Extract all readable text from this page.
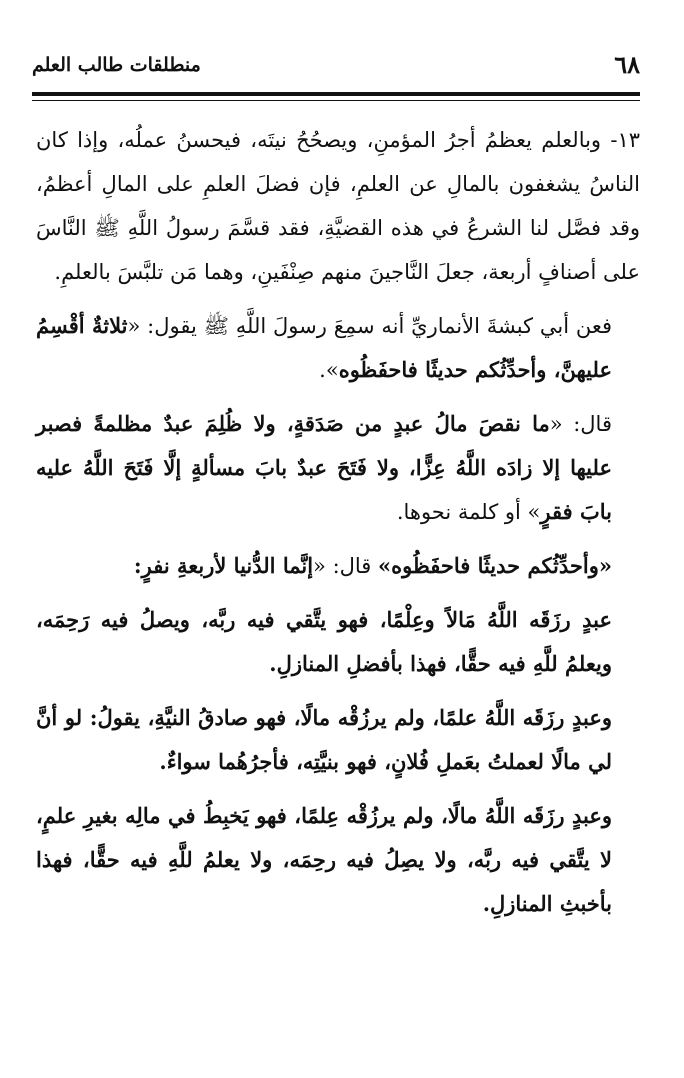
منطلقات طالب العلم	٦٨

١٣- وبالعلم يعظمُ أجرُ المؤمنِ، ويصحُحُ نيتَه، فيحسنُ عملُه، وإذا كان الناسُ يشغفون بالمالِ عن العلمِ، فإن فضلَ العلمِ على المالِ أعظمُ، وقد فصَّل لنا الشرعُ في هذه القضيَّةِ، فقد قسَّمَ رسولُ اللَّهِ ﷺ النَّاسَ على أصنافٍ أربعة، جعلَ النَّاجينَ منهم صِنْفَينِ، وهما مَن تلبَّسَ بالعلمِ.

فعن أبي كبشةَ الأنماريِّ أنه سمِعَ رسولَ اللَّهِ ﷺ يقول: «ثلاثةٌ أقْسِمُ عليهنَّ، وأحدِّثُكم حديثًا فاحفَظُوه».

قال: «ما نقصَ مالُ عبدٍ من صَدَقةٍ، ولا ظُلِمَ عبدٌ مظلمةً فصبر عليها إلا زادَه اللَّهُ عِزًّا، ولا فَتَحَ عبدٌ بابَ مسألةٍ إلَّا فَتَحَ اللَّهُ عليه بابَ فقرٍ» أو كلمة نحوها.

«وأحدِّثُكم حديثًا فاحفَظُوه» قال: «إنَّما الدُّنيا لأربعةِ نفرٍ:

عبدٍ رزَقَه اللَّهُ مَالاً وعِلْمًا، فهو يتَّقي فيه ربَّه، ويصلُ فيه رَحِمَه، ويعلمُ للَّهِ فيه حقًّا، فهذا بأفضلِ المنازلِ.

وعبدٍ رزَقَه اللَّهُ علمًا، ولم يرزُقْه مالًا، فهو صادقُ النيَّةِ، يقولُ: لو أنَّ لي مالًا لعملتُ بعَملِ فُلانٍ، فهو بنيَّتِه، فأجرُهُما سواءٌ.

وعبدٍ رزَقَه اللَّهُ مالًا، ولم يرزُقْه عِلمًا، فهو يَخبِطُ في مالِه بغيرِ علمٍ، لا يتَّقي فيه ربَّه، ولا يصِلُ فيه رحِمَه، ولا يعلمُ للَّهِ فيه حقًّا، فهذا بأخبثِ المنازلِ.
